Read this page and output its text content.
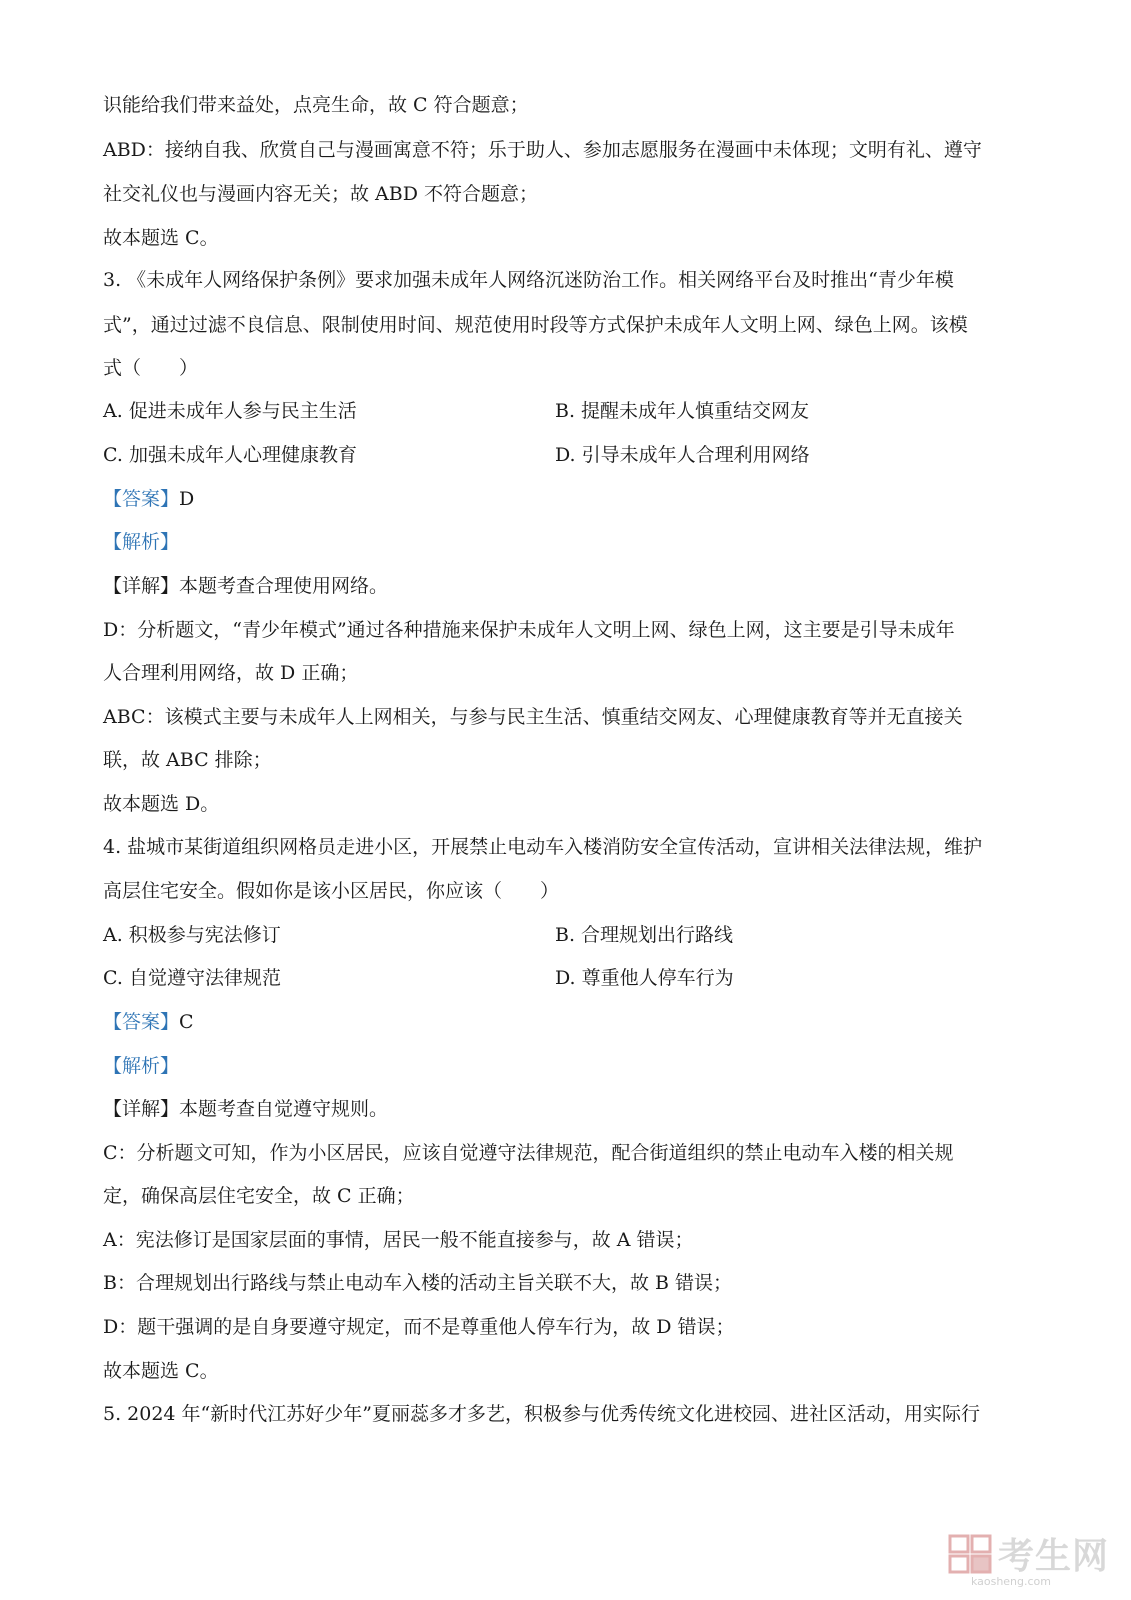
识能给我们带来益处，点亮生命，故 C 符合题意；
ABD：接纳自我、欣赏自己与漫画寓意不符；乐于助人、参加志愿服务在漫画中未体现；文明有礼、遵守
社交礼仪也与漫画内容无关；故 ABD 不符合题意；
故本题选 C。
3. 《未成年人网络保护条例》要求加强未成年人网络沉迷防治工作。相关网络平台及时推出“青少年模
式”，通过过滤不良信息、限制使用时间、规范使用时段等方式保护未成年人文明上网、绿色上网。该模
式（　　）
A. 促进未成年人参与民主生活	B. 提醒未成年人慎重结交网友
C. 加强未成年人心理健康教育	D. 引导未成年人合理利用网络
【答案】D
【解析】
【详解】本题考查合理使用网络。
D：分析题文，“青少年模式”通过各种措施来保护未成年人文明上网、绿色上网，这主要是引导未成年
人合理利用网络，故 D 正确；
ABC：该模式主要与未成年人上网相关，与参与民主生活、慎重结交网友、心理健康教育等并无直接关
联，故 ABC 排除；
故本题选 D。
4. 盐城市某街道组织网格员走进小区，开展禁止电动车入楼消防安全宣传活动，宣讲相关法律法规，维护
高层住宅安全。假如你是该小区居民，你应该（　　）
A. 积极参与宪法修订	B. 合理规划出行路线
C. 自觉遵守法律规范	D. 尊重他人停车行为
【答案】C
【解析】
【详解】本题考查自觉遵守规则。
C：分析题文可知，作为小区居民，应该自觉遵守法律规范，配合街道组织的禁止电动车入楼的相关规
定，确保高层住宅安全，故 C 正确；
A：宪法修订是国家层面的事情，居民一般不能直接参与，故 A 错误；
B：合理规划出行路线与禁止电动车入楼的活动主旨关联不大，故 B 错误；
D：题干强调的是自身要遵守规定，而不是尊重他人停车行为，故 D 错误；
故本题选 C。
5. 2024 年“新时代江苏好少年”夏丽蕊多才多艺，积极参与优秀传统文化进校园、进社区活动，用实际行
考生网
kaosheng.com
